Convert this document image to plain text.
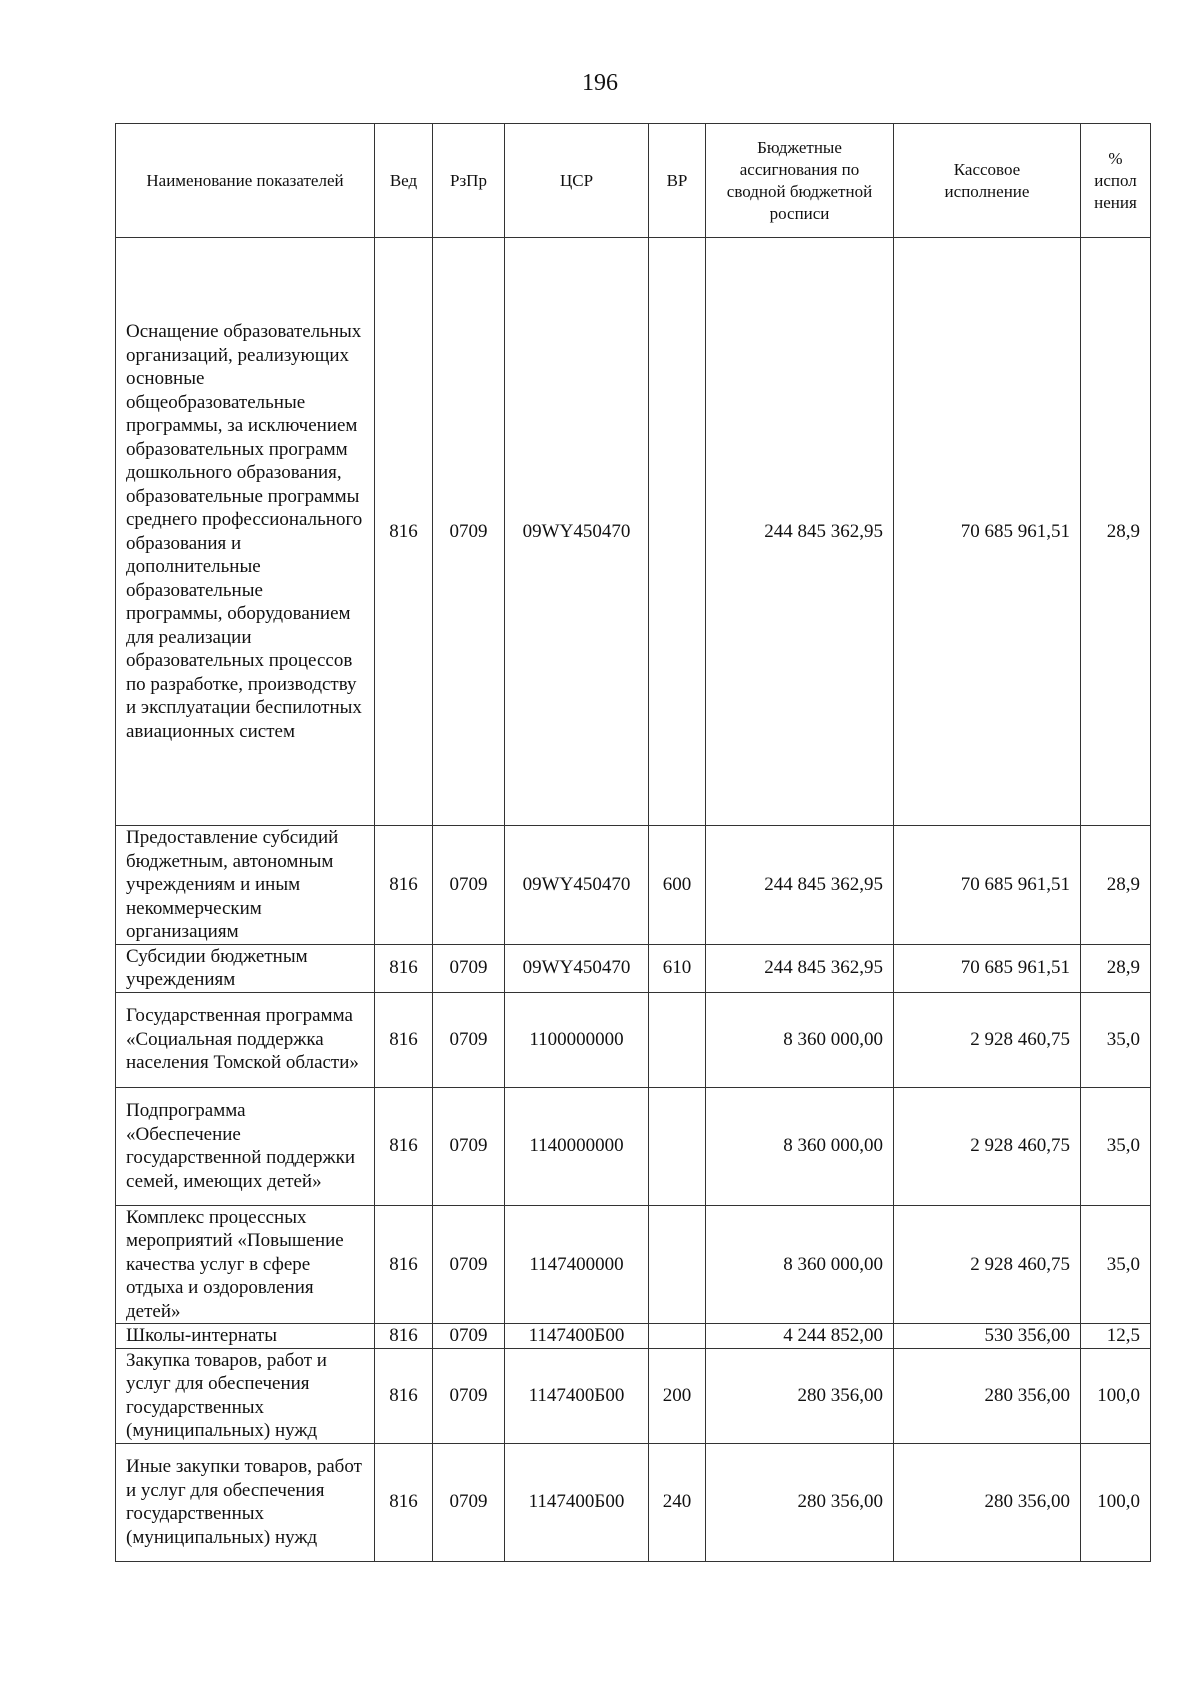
196
Наименование показателей	Вед	РзПр	ЦСР	ВР	Бюджетные ассигнования по сводной бюджетной росписи	Кассовое исполнение	% испол нения
Оснащение образовательных организаций, реализующих основные общеобразовательные программы, за исключением образовательных программ дошкольного образования, образовательные программы среднего профессионального образования и дополнительные образовательные программы, оборудованием для реализации образовательных процессов по разработке, производству и эксплуатации беспилотных авиационных систем	816	0709	09WY450470		244 845 362,95	70 685 961,51	28,9
Предоставление субсидий бюджетным, автономным учреждениям и иным некоммерческим организациям	816	0709	09WY450470	600	244 845 362,95	70 685 961,51	28,9
Субсидии бюджетным учреждениям	816	0709	09WY450470	610	244 845 362,95	70 685 961,51	28,9
Государственная программа «Социальная поддержка населения Томской области»	816	0709	1100000000		8 360 000,00	2 928 460,75	35,0
Подпрограмма «Обеспечение государственной поддержки семей, имеющих детей»	816	0709	1140000000		8 360 000,00	2 928 460,75	35,0
Комплекс процессных мероприятий «Повышение качества услуг в сфере отдыха и оздоровления детей»	816	0709	1147400000		8 360 000,00	2 928 460,75	35,0
Школы-интернаты	816	0709	1147400Б00		4 244 852,00	530 356,00	12,5
Закупка товаров, работ и услуг для обеспечения государственных (муниципальных) нужд	816	0709	1147400Б00	200	280 356,00	280 356,00	100,0
Иные закупки товаров, работ и услуг для обеспечения государственных (муниципальных) нужд	816	0709	1147400Б00	240	280 356,00	280 356,00	100,0
